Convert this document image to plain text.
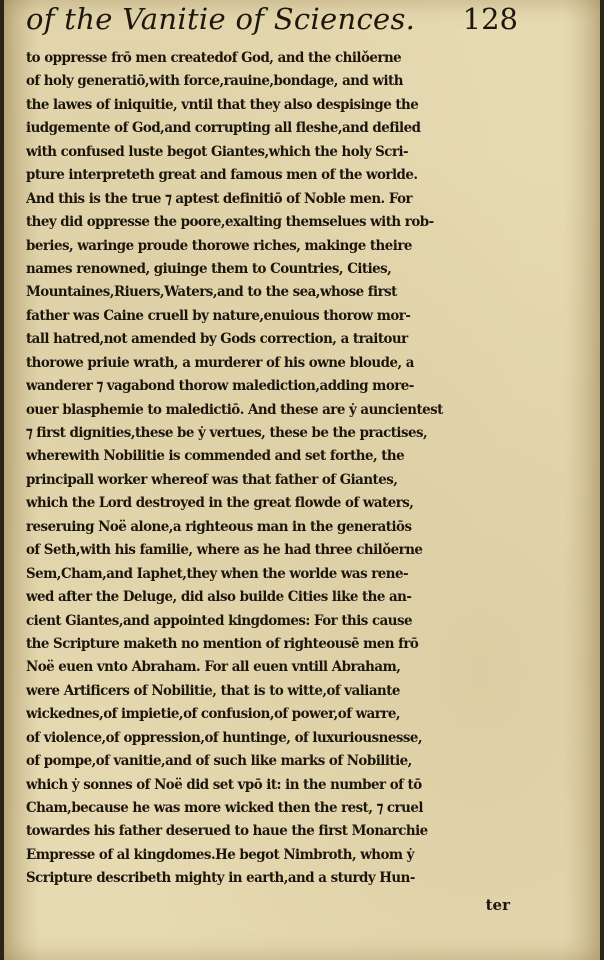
of the Vanitie of Sciences. 128
to oppresse frō men createdof God, and the chilǒerne
of holy generatiō,with force,rauine,bondage, and with
the lawes of iniquitie, vntil that they also despisinge the
iudgemente of God,and corrupting all fleshe,and defiled
with confused luste begot Giantes,which the holy Scri-
pture interpreteth great and famous men of the worlde.
And this is the true ⁊ aptest definitiō of Noble men. For
they did oppresse the poore,exalting themselues with rob-
beries, waringe proude thorowe riches, makinge theire
names renowned, giuinge them to Countries, Cities,
Mountaines,Riuers,Waters,and to the sea,whose first
father was Caine cruell by nature,enuious thorow mor-
tall hatred,not amended by Gods correction, a traitour
thorowe priuie wrath, a murderer of his owne bloude, a
wanderer ⁊ vagabond thorow malediction,adding more-
ouer blasphemie to maledictiō. And these are ẏ auncientest
⁊ first dignities,these be ẏ vertues, these be the practises,
wherewith Nobilitie is commended and set forthe, the
principall worker whereof was that father of Giantes,
which the Lord destroyed in the great flowde of waters,
reseruing Noë alone,a righteous man in the generatiōs
of Seth,with his familie, where as he had three chilǒerne
Sem,Cham,and Iaphet,they when the worlde was rene-
wed after the Deluge, did also builde Cities like the an-
cient Giantes,and appointed kingdomes: For this cause
the Scripture maketh no mention of righteousē men frō
Noë euen vnto Abraham. For all euen vntill Abraham,
were Artificers of Nobilitie, that is to witte,of valiante
wickednes,of impietie,of confusion,of power,of warre,
of violence,of oppression,of huntinge, of luxuriousnesse,
of pompe,of vanitie,and of such like marks of Nobilitie,
which ẏ sonnes of Noë did set vpō it: in the number of tō
Cham,because he was more wicked then the rest, ⁊ cruel
towardes his father deserued to haue the first Monarchie
Empresse of al kingdomes.He begot Nimbroth, whom ẏ
Scripture describeth mighty in earth,and a sturdy Hun-
ter
